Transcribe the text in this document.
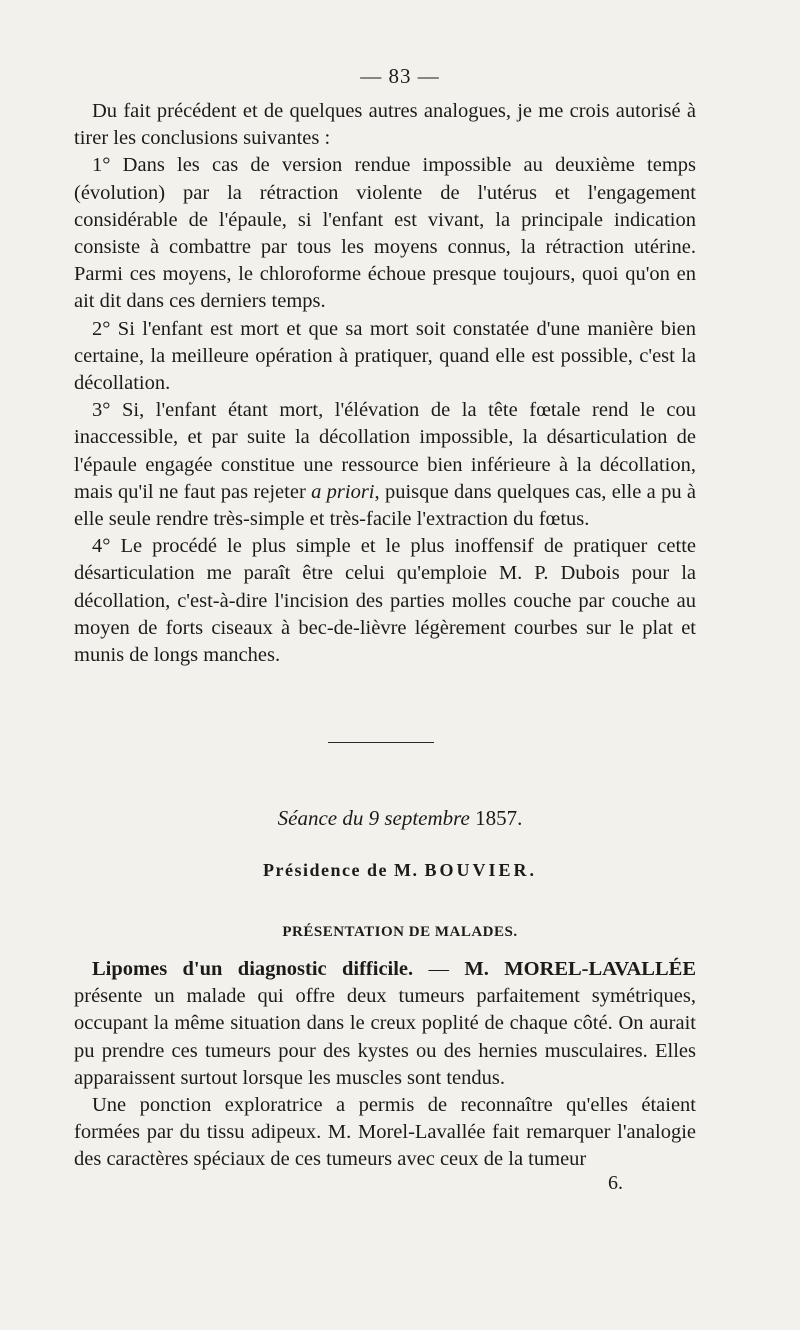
— 83 —

Du fait précédent et de quelques autres analogues, je me crois autorisé à tirer les conclusions suivantes :

1° Dans les cas de version rendue impossible au deuxième temps (évolution) par la rétraction violente de l'utérus et l'engagement considérable de l'épaule, si l'enfant est vivant, la principale indication consiste à combattre par tous les moyens connus, la rétraction utérine. Parmi ces moyens, le chloroforme échoue presque toujours, quoi qu'on en ait dit dans ces derniers temps.

2° Si l'enfant est mort et que sa mort soit constatée d'une manière bien certaine, la meilleure opération à pratiquer, quand elle est possible, c'est la décollation.

3° Si, l'enfant étant mort, l'élévation de la tête fœtale rend le cou inaccessible, et par suite la décollation impossible, la désarticulation de l'épaule engagée constitue une ressource bien inférieure à la décollation, mais qu'il ne faut pas rejeter a priori, puisque dans quelques cas, elle a pu à elle seule rendre très-simple et très-facile l'extraction du fœtus.

4° Le procédé le plus simple et le plus inoffensif de pratiquer cette désarticulation me paraît être celui qu'emploie M. P. Dubois pour la décollation, c'est-à-dire l'incision des parties molles couche par couche au moyen de forts ciseaux à bec-de-lièvre légèrement courbes sur le plat et munis de longs manches.

Séance du 9 septembre 1857.
Présidence de M. BOUVIER.
PRÉSENTATION DE MALADES.

Lipomes d'un diagnostic difficile. — M. MOREL-LAVALLÉE présente un malade qui offre deux tumeurs parfaitement symétriques, occupant la même situation dans le creux poplité de chaque côté. On aurait pu prendre ces tumeurs pour des kystes ou des hernies musculaires. Elles apparaissent surtout lorsque les muscles sont tendus.

Une ponction exploratrice a permis de reconnaître qu'elles étaient formées par du tissu adipeux. M. Morel-Lavallée fait remarquer l'analogie des caractères spéciaux de ces tumeurs avec ceux de la tumeur

6.
